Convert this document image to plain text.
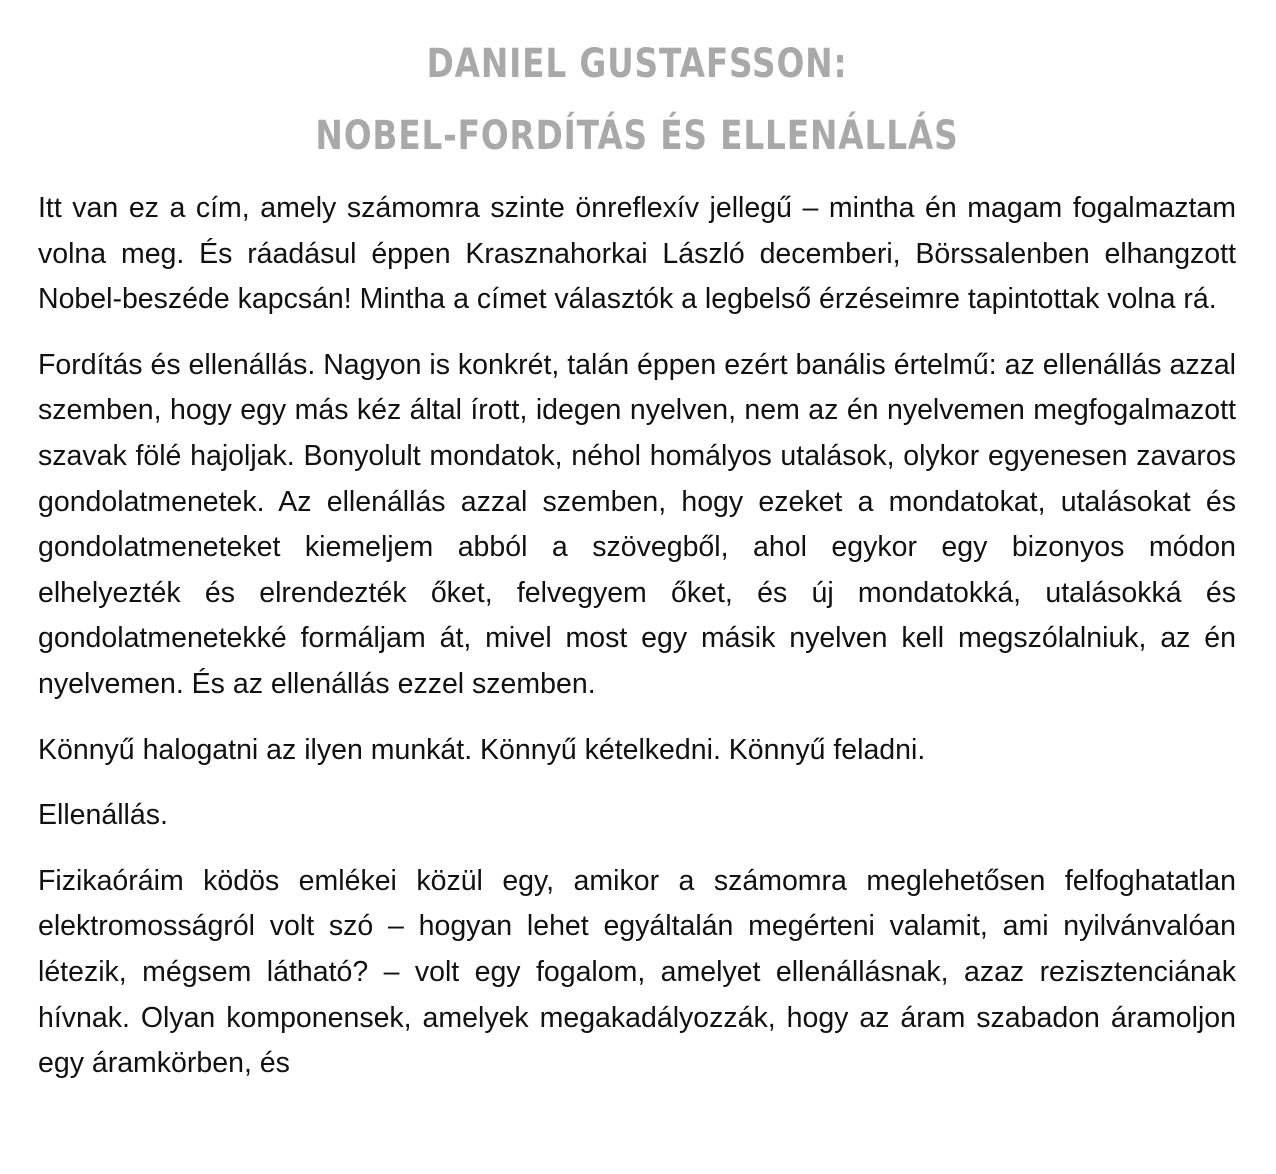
DANIEL GUSTAFSSON:
NOBEL-FORDÍTÁS ÉS ELLENÁLLÁS

Itt van ez a cím, amely számomra szinte önreflexív jellegű – mintha én magam fogalmaztam volna meg. És ráadásul éppen Krasznahorkai László decemberi, Börssalenben elhangzott Nobel-beszéde kapcsán! Mintha a címet választók a legbelső érzéseimre tapintottak volna rá.

Fordítás és ellenállás. Nagyon is konkrét, talán éppen ezért banális értelmű: az ellenállás azzal szemben, hogy egy más kéz által írott, idegen nyelven, nem az én nyelvemen megfogalmazott szavak fölé hajoljak. Bonyolult mondatok, néhol homályos utalások, olykor egyenesen zavaros gondolatmenetek. Az ellenállás azzal szemben, hogy ezeket a mondatokat, utalásokat és gondolatmeneteket kiemeljem abból a szövegből, ahol egykor egy bizonyos módon elhelyezték és elrendezték őket, felvegyem őket, és új mondatokká, utalásokká és gondolatmenetekké formáljam át, mivel most egy másik nyelven kell megszólalniuk, az én nyelvemen. És az ellenállás ezzel szemben.

Könnyű halogatni az ilyen munkát. Könnyű kételkedni. Könnyű feladni.

Ellenállás.

Fizikaóráim ködös emlékei közül egy, amikor a számomra meglehetősen felfoghatatlan elektromosságról volt szó – hogyan lehet egyáltalán megérteni valamit, ami nyilvánvalóan létezik, mégsem látható? – volt egy fogalom, amelyet ellenállásnak, azaz rezisztenciának hívnak. Olyan komponensek, amelyek megakadályozzák, hogy az áram szabadon áramoljon egy áramkörben, és
